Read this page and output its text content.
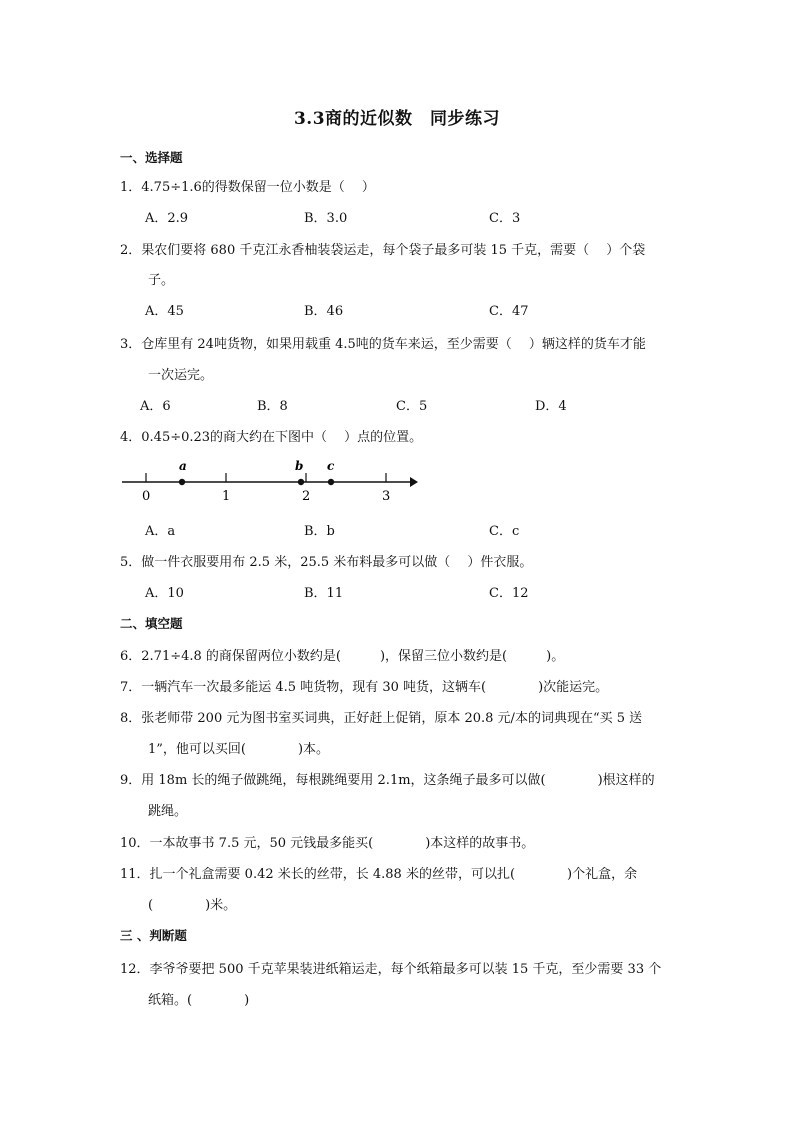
3.3商的近似数　同步练习
一、选择题
1．4.75÷1.6的得数保留一位小数是（　 ）
A．2.9	B．3.0	C．3
2．果农们要将 680 千克江永香柚装袋运走，每个袋子最多可装 15 千克，需要（　 ）个袋
子。
A．45	B．46	C．47
3．仓库里有 24吨货物，如果用载重 4.5吨的货车来运，至少需要（　 ）辆这样的货车才能
一次运完。
A．6	B．8	C．5	D．4
4．0.45÷0.23的商大约在下图中（　 ）点的位置。
0	1	2	3
a	b c
A．a	B．b	C．c
5．做一件衣服要用布 2.5 米，25.5 米布料最多可以做（　 ）件衣服。
A．10	B．11	C．12
二、填空题
6．2.71÷4.8 的商保留两位小数约是(　　　)，保留三位小数约是(　　　)。
7．一辆汽车一次最多能运 4.5 吨货物，现有 30 吨货，这辆车(　　　　)次能运完。
8．张老师带 200 元为图书室买词典，正好赶上促销，原本 20.8 元/本的词典现在“买 5 送
1”，他可以买回(　　　　)本。
9．用 18m 长的绳子做跳绳，每根跳绳要用 2.1m，这条绳子最多可以做(　　　　)根这样的
跳绳。
10．一本故事书 7.5 元，50 元钱最多能买(　　　　)本这样的故事书。
11．扎一个礼盒需要 0.42 米长的丝带，长 4.88 米的丝带，可以扎(　　　　)个礼盒，余
(　　　　)米。
三 、判断题
12．李爷爷要把 500 千克苹果装进纸箱运走，每个纸箱最多可以装 15 千克，至少需要 33 个
纸箱。(　　　　)
